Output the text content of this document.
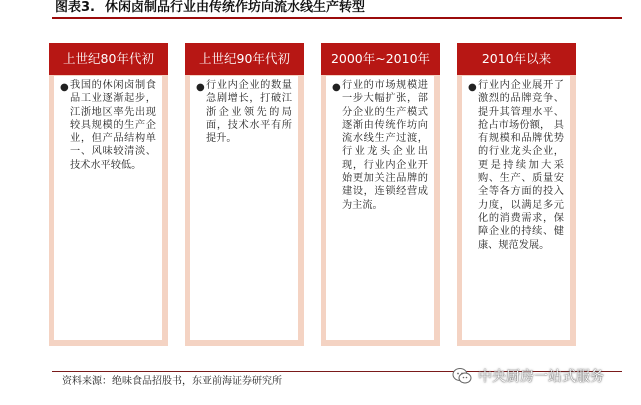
图表3. 休闲卤制品行业由传统作坊向流水线生产转型
上世纪80年代初
● 我国的休闲卤制食品工业逐渐起步， 江浙地区率先出现较具规模的生产企业，但产品结构单一、风味较清淡、技术水平较低。
上世纪90年代初
● 行业内企业的数量急剧增长，打破江浙企业领先的局面，技术水平有所提升。
2000年~2010年
● 行业的市场规模进一步大幅扩张，部分企业的生产模式逐渐由传统作坊向流水线生产过渡，行业龙头企业出现，行业内企业开始更加关注品牌的建设，连锁经营成为主流。
2010年以来
● 行业内企业展开了激烈的品牌竞争、提升其管理水平、抢占市场份额， 具有规模和品牌优势的行业龙头企业，更是持续加大采购、生产、质量安全等各方面的投入力度，以满足多元化的消费需求，保障企业的持续、健康、规范发展。
资料来源：绝味食品招股书，东亚前海证券研究所	中央厨房一站式服务
